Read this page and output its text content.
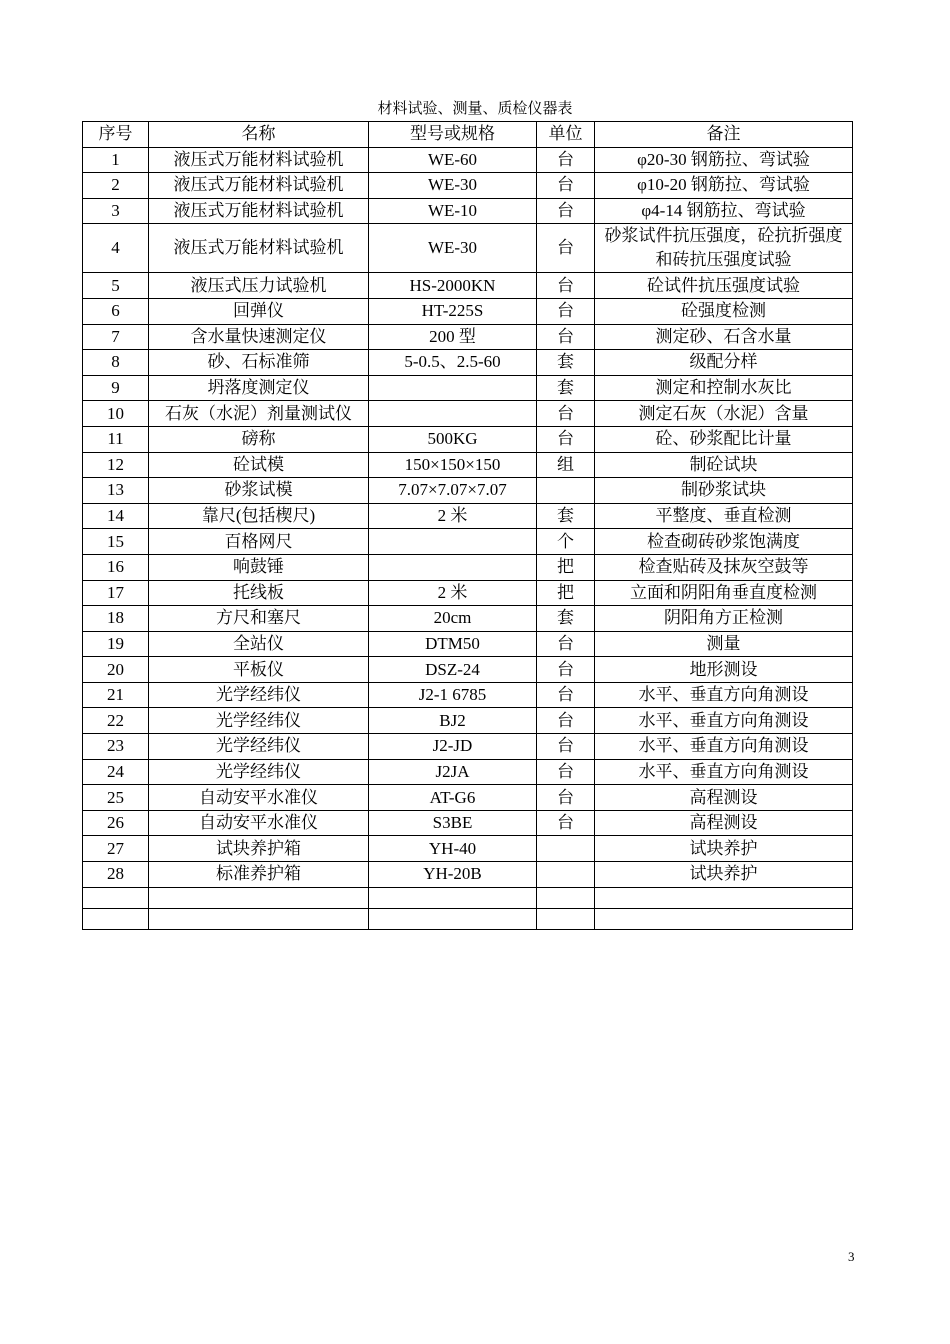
材料试验、测量、质检仪器表
序号	名称	型号或规格	单位	备注
1	液压式万能材料试验机	WE-60	台	φ20-30 钢筋拉、弯试验
2	液压式万能材料试验机	WE-30	台	φ10-20 钢筋拉、弯试验
3	液压式万能材料试验机	WE-10	台	φ4-14 钢筋拉、弯试验
4	液压式万能材料试验机	WE-30	台	砂浆试件抗压强度，砼抗折强度和砖抗压强度试验
5	液压式压力试验机	HS-2000KN	台	砼试件抗压强度试验
6	回弹仪	HT-225S	台	砼强度检测
7	含水量快速测定仪	200 型	台	测定砂、石含水量
8	砂、石标准筛	5-0.5、2.5-60	套	级配分样
9	坍落度测定仪		套	测定和控制水灰比
10	石灰（水泥）剂量测试仪		台	测定石灰（水泥）含量
11	磅称	500KG	台	砼、砂浆配比计量
12	砼试模	150×150×150	组	制砼试块
13	砂浆试模	7.07×7.07×7.07		制砂浆试块
14	靠尺(包括楔尺)	2 米	套	平整度、垂直检测
15	百格网尺		个	检查砌砖砂浆饱满度
16	响鼓锤		把	检查贴砖及抹灰空鼓等
17	托线板	2 米	把	立面和阴阳角垂直度检测
18	方尺和塞尺	20cm	套	阴阳角方正检测
19	全站仪	DTM50	台	测量
20	平板仪	DSZ-24	台	地形测设
21	光学经纬仪	J2-1 6785	台	水平、垂直方向角测设
22	光学经纬仪	BJ2	台	水平、垂直方向角测设
23	光学经纬仪	J2-JD	台	水平、垂直方向角测设
24	光学经纬仪	J2JA	台	水平、垂直方向角测设
25	自动安平水准仪	AT-G6	台	高程测设
26	自动安平水准仪	S3BE	台	高程测设
27	试块养护箱	YH-40		试块养护
28	标准养护箱	YH-20B		试块养护

3
